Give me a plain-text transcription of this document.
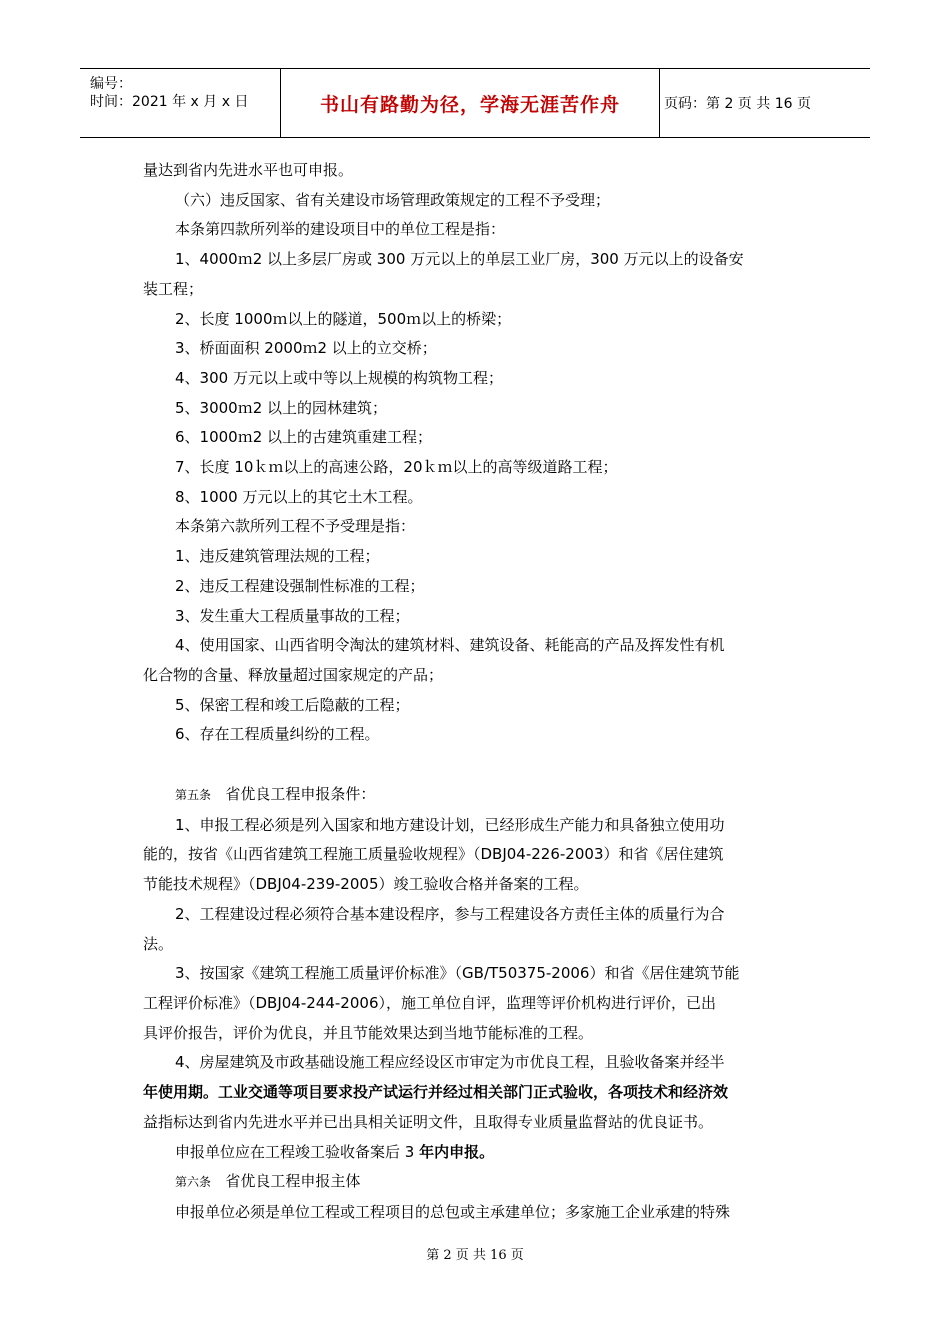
编号：
时间：2021 年 x 月 x 日	书山有路勤为径，学海无涯苦作舟	页码：第 2 页 共 16 页

量达到省内先进水平也可申报。

（六）违反国家、省有关建设市场管理政策规定的工程不予受理；

本条第四款所列举的建设项目中的单位工程是指：

1、4000ｍ2 以上多层厂房或 300 万元以上的单层工业厂房，300 万元以上的设备安

装工程；

2、长度 1000ｍ以上的隧道，500ｍ以上的桥梁；

3、桥面面积 2000ｍ2 以上的立交桥；

4、300 万元以上或中等以上规模的构筑物工程；

5、3000ｍ2 以上的园林建筑；

6、1000ｍ2 以上的古建筑重建工程；

7、长度 10ｋｍ以上的高速公路，20ｋｍ以上的高等级道路工程；

8、1000 万元以上的其它土木工程。

本条第六款所列工程不予受理是指：

1、违反建筑管理法规的工程；

2、违反工程建设强制性标准的工程；

3、发生重大工程质量事故的工程；

4、使用国家、山西省明令淘汰的建筑材料、建筑设备、耗能高的产品及挥发性有机

化合物的含量、释放量超过国家规定的产品；

5、保密工程和竣工后隐蔽的工程；

6、存在工程质量纠纷的工程。

第五条 省优良工程申报条件：

1、申报工程必须是列入国家和地方建设计划，已经形成生产能力和具备独立使用功

能的，按省《山西省建筑工程施工质量验收规程》（DBJ04-226-2003）和省《居住建筑

节能技术规程》（DBJ04-239-2005）竣工验收合格并备案的工程。

2、工程建设过程必须符合基本建设程序，参与工程建设各方责任主体的质量行为合

法。

3、按国家《建筑工程施工质量评价标准》（GB/T50375-2006）和省《居住建筑节能

工程评价标准》（DBJ04-244-2006），施工单位自评，监理等评价机构进行评价，已出

具评价报告，评价为优良，并且节能效果达到当地节能标准的工程。

4、房屋建筑及市政基础设施工程应经设区市审定为市优良工程，且验收备案并经半

年使用期。工业交通等项目要求投产试运行并经过相关部门正式验收，各项技术和经济效

益指标达到省内先进水平并已出具相关证明文件，且取得专业质量监督站的优良证书。

申报单位应在工程竣工验收备案后 3 年内申报。

第六条 省优良工程申报主体

申报单位必须是单位工程或工程项目的总包或主承建单位；多家施工企业承建的特殊

第 2 页 共 16 页
